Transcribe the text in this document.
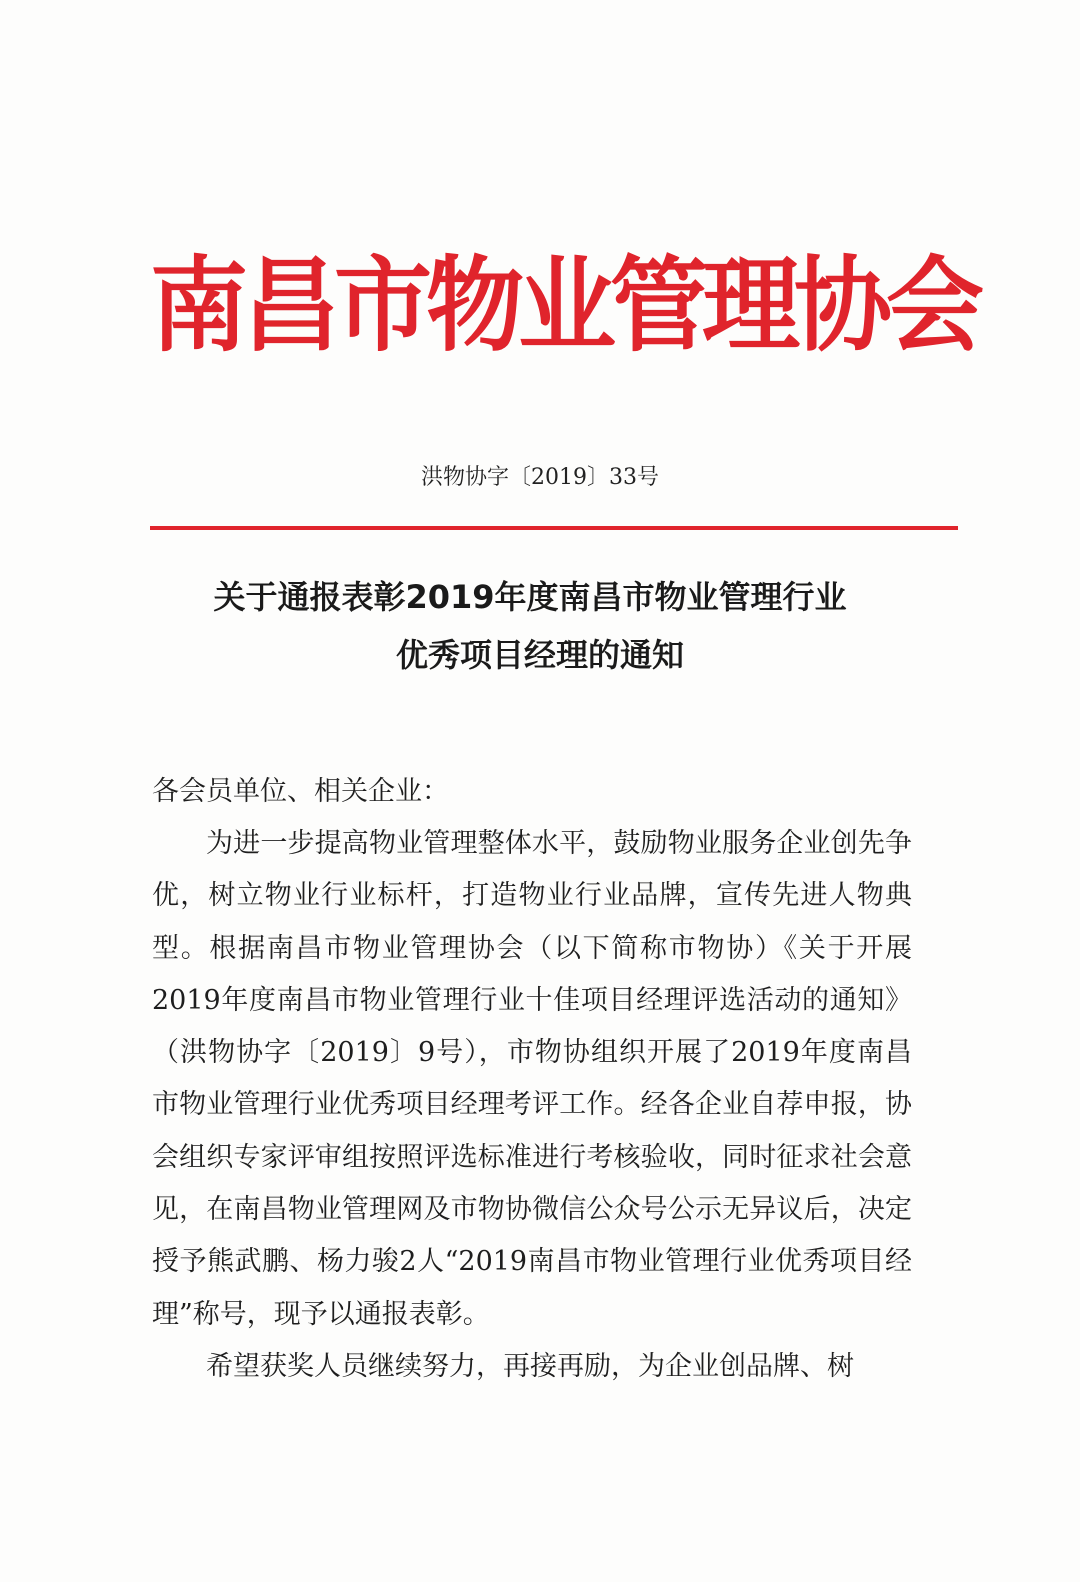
南昌市物业管理协会
洪物协字〔2019〕33号
关于通报表彰2019年度南昌市物业管理行业
优秀项目经理的通知

各会员单位、相关企业：

为进一步提高物业管理整体水平，鼓励物业服务企业创先争优，树立物业行业标杆，打造物业行业品牌，宣传先进人物典型。根据南昌市物业管理协会（以下简称市物协）《关于开展2019年度南昌市物业管理行业十佳项目经理评选活动的通知》（洪物协字〔2019〕9号），市物协组织开展了2019年度南昌市物业管理行业优秀项目经理考评工作。经各企业自荐申报，协会组织专家评审组按照评选标准进行考核验收，同时征求社会意见，在南昌物业管理网及市物协微信公众号公示无异议后，决定授予熊武鹏、杨力骏2人“2019南昌市物业管理行业优秀项目经理”称号，现予以通报表彰。

希望获奖人员继续努力，再接再励，为企业创品牌、树
